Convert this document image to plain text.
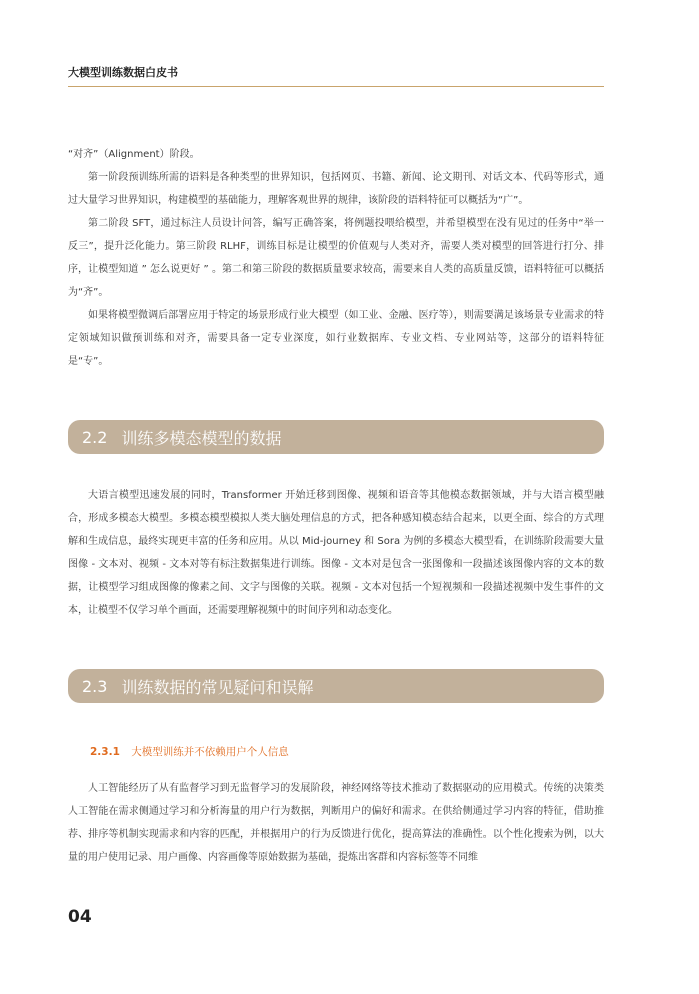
大模型训练数据白皮书

“对齐”（Alignment）阶段。

第一阶段预训练所需的语料是各种类型的世界知识，包括网页、书籍、新闻、论文期刊、对话文本、代码等形式，通过大量学习世界知识，构建模型的基础能力，理解客观世界的规律，该阶段的语料特征可以概括为“广”。

第二阶段 SFT，通过标注人员设计问答，编写正确答案，将例题投喂给模型，并希望模型在没有见过的任务中“举一反三”，提升泛化能力。第三阶段 RLHF，训练目标是让模型的价值观与人类对齐，需要人类对模型的回答进行打分、排序，让模型知道 ” 怎么说更好 ” 。第二和第三阶段的数据质量要求较高，需要来自人类的高质量反馈，语料特征可以概括为“齐”。

如果将模型微调后部署应用于特定的场景形成行业大模型（如工业、金融、医疗等），则需要满足该场景专业需求的特定领域知识做预训练和对齐，需要具备一定专业深度，如行业数据库、专业文档、专业网站等，这部分的语料特征是“专”。

2.2 训练多模态模型的数据

大语言模型迅速发展的同时，Transformer 开始迁移到图像、视频和语音等其他模态数据领域，并与大语言模型融合，形成多模态大模型。多模态模型模拟人类大脑处理信息的方式，把各种感知模态结合起来，以更全面、综合的方式理解和生成信息，最终实现更丰富的任务和应用。从以 Mid-journey 和 Sora 为例的多模态大模型看，在训练阶段需要大量图像 - 文本对、视频 - 文本对等有标注数据集进行训练。图像 - 文本对是包含一张图像和一段描述该图像内容的文本的数据，让模型学习组成图像的像素之间、文字与图像的关联。视频 - 文本对包括一个短视频和一段描述视频中发生事件的文本，让模型不仅学习单个画面，还需要理解视频中的时间序列和动态变化。

2.3 训练数据的常见疑问和误解
2.3.1 大模型训练并不依赖用户个人信息

人工智能经历了从有监督学习到无监督学习的发展阶段，神经网络等技术推动了数据驱动的应用模式。传统的决策类人工智能在需求侧通过学习和分析海量的用户行为数据，判断用户的偏好和需求。在供给侧通过学习内容的特征，借助推荐、排序等机制实现需求和内容的匹配，并根据用户的行为反馈进行优化，提高算法的准确性。以个性化搜索为例，以大量的用户使用记录、用户画像、内容画像等原始数据为基础，提炼出客群和内容标签等不同维

04
